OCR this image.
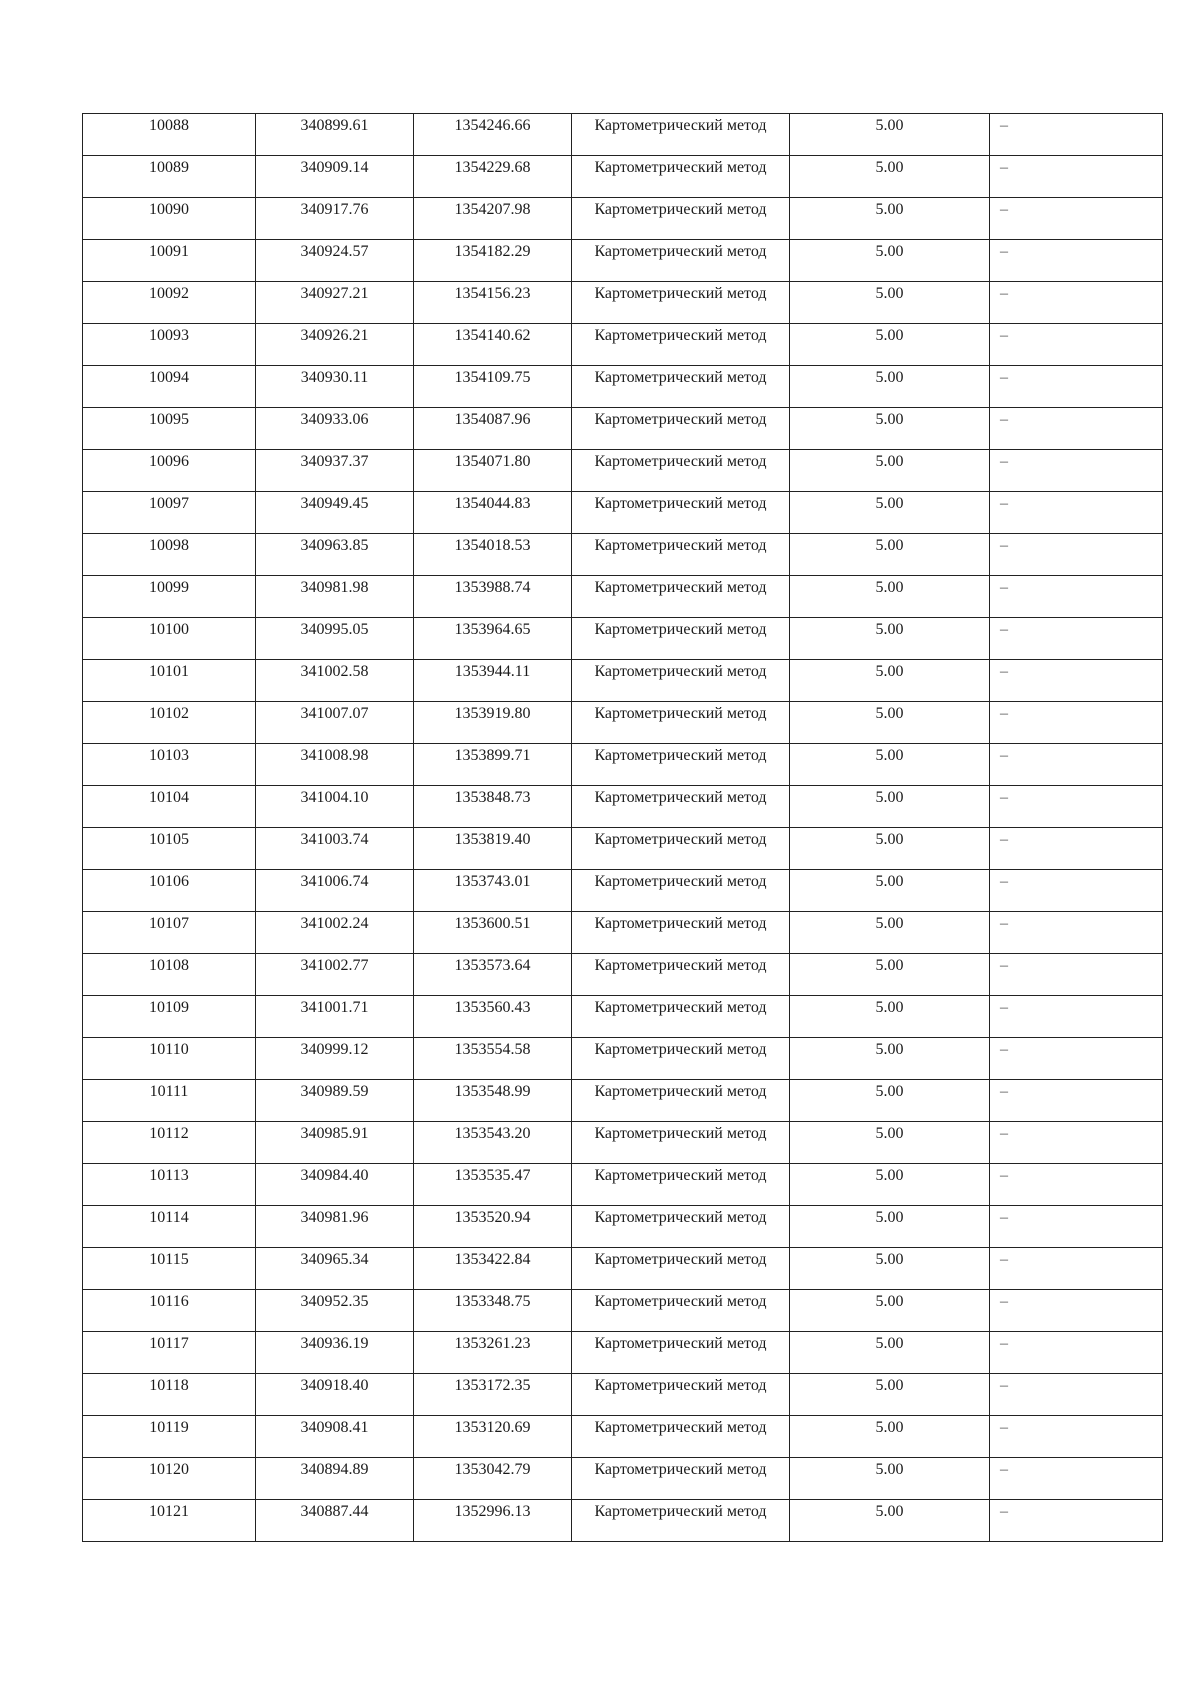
10088	340899.61	1354246.66	Картометрический метод	5.00	–

10089	340909.14	1354229.68	Картометрический метод	5.00	–

10090	340917.76	1354207.98	Картометрический метод	5.00	–

10091	340924.57	1354182.29	Картометрический метод	5.00	–

10092	340927.21	1354156.23	Картометрический метод	5.00	–

10093	340926.21	1354140.62	Картометрический метод	5.00	–

10094	340930.11	1354109.75	Картометрический метод	5.00	–

10095	340933.06	1354087.96	Картометрический метод	5.00	–

10096	340937.37	1354071.80	Картометрический метод	5.00	–

10097	340949.45	1354044.83	Картометрический метод	5.00	–

10098	340963.85	1354018.53	Картометрический метод	5.00	–

10099	340981.98	1353988.74	Картометрический метод	5.00	–

10100	340995.05	1353964.65	Картометрический метод	5.00	–

10101	341002.58	1353944.11	Картометрический метод	5.00	–

10102	341007.07	1353919.80	Картометрический метод	5.00	–

10103	341008.98	1353899.71	Картометрический метод	5.00	–

10104	341004.10	1353848.73	Картометрический метод	5.00	–

10105	341003.74	1353819.40	Картометрический метод	5.00	–

10106	341006.74	1353743.01	Картометрический метод	5.00	–

10107	341002.24	1353600.51	Картометрический метод	5.00	–

10108	341002.77	1353573.64	Картометрический метод	5.00	–

10109	341001.71	1353560.43	Картометрический метод	5.00	–

10110	340999.12	1353554.58	Картометрический метод	5.00	–

10111	340989.59	1353548.99	Картометрический метод	5.00	–

10112	340985.91	1353543.20	Картометрический метод	5.00	–

10113	340984.40	1353535.47	Картометрический метод	5.00	–

10114	340981.96	1353520.94	Картометрический метод	5.00	–

10115	340965.34	1353422.84	Картометрический метод	5.00	–

10116	340952.35	1353348.75	Картометрический метод	5.00	–

10117	340936.19	1353261.23	Картометрический метод	5.00	–

10118	340918.40	1353172.35	Картометрический метод	5.00	–

10119	340908.41	1353120.69	Картометрический метод	5.00	–

10120	340894.89	1353042.79	Картометрический метод	5.00	–

10121	340887.44	1352996.13	Картометрический метод	5.00	–
